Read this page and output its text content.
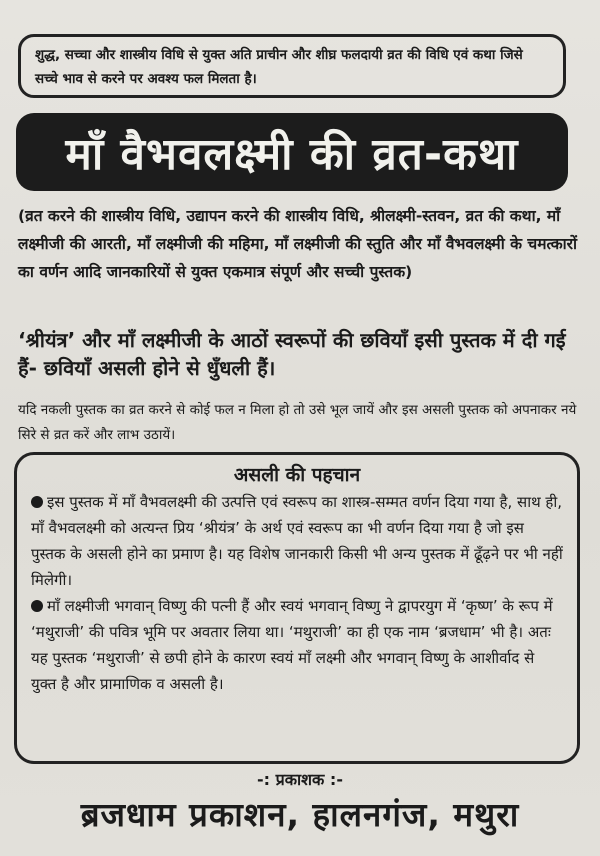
शुद्ध, सच्चा और शास्त्रीय विधि से युक्त अति प्राचीन और शीघ्र फलदायी व्रत की विधि एवं कथा जिसे सच्चे भाव से करने पर अवश्य फल मिलता है।
माँ वैभवलक्ष्मी की व्रत-कथा
(व्रत करने की शास्त्रीय विधि, उद्यापन करने की शास्त्रीय विधि, श्रीलक्ष्मी-स्तवन, व्रत की कथा, माँ लक्ष्मीजी की आरती, माँ लक्ष्मीजी की महिमा, माँ लक्ष्मीजी की स्तुति और माँ वैभवलक्ष्मी के चमत्कारों का वर्णन आदि जानकारियों से युक्त एकमात्र संपूर्ण और सच्ची पुस्तक)
‘श्रीयंत्र’ और माँ लक्ष्मीजी के आठों स्वरूपों की छवियाँ इसी पुस्तक में दी गई हैं- छवियाँ असली होने से धुँधली हैं।
यदि नकली पुस्तक का व्रत करने से कोई फल न मिला हो तो उसे भूल जायें और इस असली पुस्तक को अपनाकर नये सिरे से व्रत करें और लाभ उठायें।
असली की पहचान

इस पुस्तक में माँ वैभवलक्ष्मी की उत्पत्ति एवं स्वरूप का शास्त्र-सम्मत वर्णन दिया गया है, साथ ही, माँ वैभवलक्ष्मी को अत्यन्त प्रिय ‘श्रीयंत्र’ के अर्थ एवं स्वरूप का भी वर्णन दिया गया है जो इस पुस्तक के असली होने का प्रमाण है। यह विशेष जानकारी किसी भी अन्य पुस्तक में ढूँढ़ने पर भी नहीं मिलेगी।

माँ लक्ष्मीजी भगवान् विष्णु की पत्नी हैं और स्वयं भगवान् विष्णु ने द्वापरयुग में ‘कृष्ण’ के रूप में ‘मथुराजी’ की पवित्र भूमि पर अवतार लिया था। ‘मथुराजी’ का ही एक नाम ‘ब्रजधाम’ भी है। अतः यह पुस्तक ‘मथुराजी’ से छपी होने के कारण स्वयं माँ लक्ष्मी और भगवान् विष्णु के आशीर्वाद से युक्त है और प्रामाणिक व असली है।

-: प्रकाशक :-
ब्रजधाम प्रकाशन, हालनगंज, मथुरा
